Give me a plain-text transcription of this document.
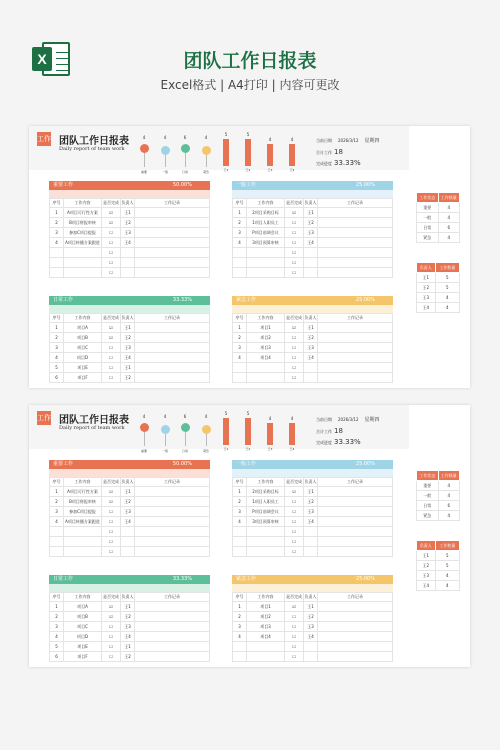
X	团队工作日报表
Excel格式 | A4打印 | 内容可更改
工作 团队工作日报表
Daily report of team work
4
重要
4
一般
6
日常
4
紧急
5
王1
5
王2
4
王3
4
王4
当前日期 2026/3/12 星期四
合计工作 18
完成进度 33.33%
重要工作	50.00%
序号	工作内容	是否完成	负责人	工作记录
1	A项目可行性方案	☑	王1	
2	B项目财报审核	☑	王2	
3	参加C项目提报	☐	王3	
4	A项目转播方案跟进	☐	王4	
		☐		
		☐		
		☐		
一般工作	25.00%
序号	工作内容	是否完成	负责人	工作记录
1	2项目采购目标	☑	王1	
2	1项目人职员工	☐	王2	
3	P项目前调会议	☐	王3	
4	3项目预算审核	☐	王4	
		☐		
		☐		
		☐		
日常工作	33.33%
序号	工作内容	是否完成	负责人	工作记录
1	项目A	☑	王1	
2	项目B	☑	王2	
3	项目C	☐	王3	
4	项目D	☐	王4	
5	项目E	☐	王1	
6	项目F	☐	王2	
紧急工作	25.00%
序号	工作内容	是否完成	负责人	工作记录
1	项目1	☑	王1	
2	项目2	☐	王2	
3	项目3	☐	王3	
4	项目4	☐	王4	
		☐		
		☐		
工作 团队工作日报表
Daily report of team work
4
重要
4
一般
6
日常
4
紧急
5
王1
5
王2
4
王3
4
王4
当前日期 2026/3/12 星期四
合计工作 18
完成进度 33.33%
重要工作	50.00%
序号	工作内容	是否完成	负责人	工作记录
1	A项目可行性方案	☑	王1	
2	B项目财报审核	☑	王2	
3	参加C项目提报	☐	王3	
4	A项目转播方案跟进	☐	王4	
		☐		
		☐		
		☐		
一般工作	25.00%
序号	工作内容	是否完成	负责人	工作记录
1	2项目采购目标	☑	王1	
2	1项目人职员工	☐	王2	
3	P项目前调会议	☐	王3	
4	3项目预算审核	☐	王4	
		☐		
		☐		
		☐		
日常工作	33.33%
序号	工作内容	是否完成	负责人	工作记录
1	项目A	☑	王1	
2	项目B	☑	王2	
3	项目C	☐	王3	
4	项目D	☐	王4	
5	项目E	☐	王1	
6	项目F	☐	王2	
紧急工作	25.00%
序号	工作内容	是否完成	负责人	工作记录
1	项目1	☑	王1	
2	项目2	☐	王2	
3	项目3	☐	王3	
4	项目4	☐	王4	
		☐		
		☐		
工作状态	工作数量
重要	4
一般	4
日常	6
紧急	4
负责人	工作数量
王1	5
王2	5
王3	4
王4	4
工作状态	工作数量
重要	4
一般	4
日常	6
紧急	4
负责人	工作数量
王1	5
王2	5
王3	4
王4	4
